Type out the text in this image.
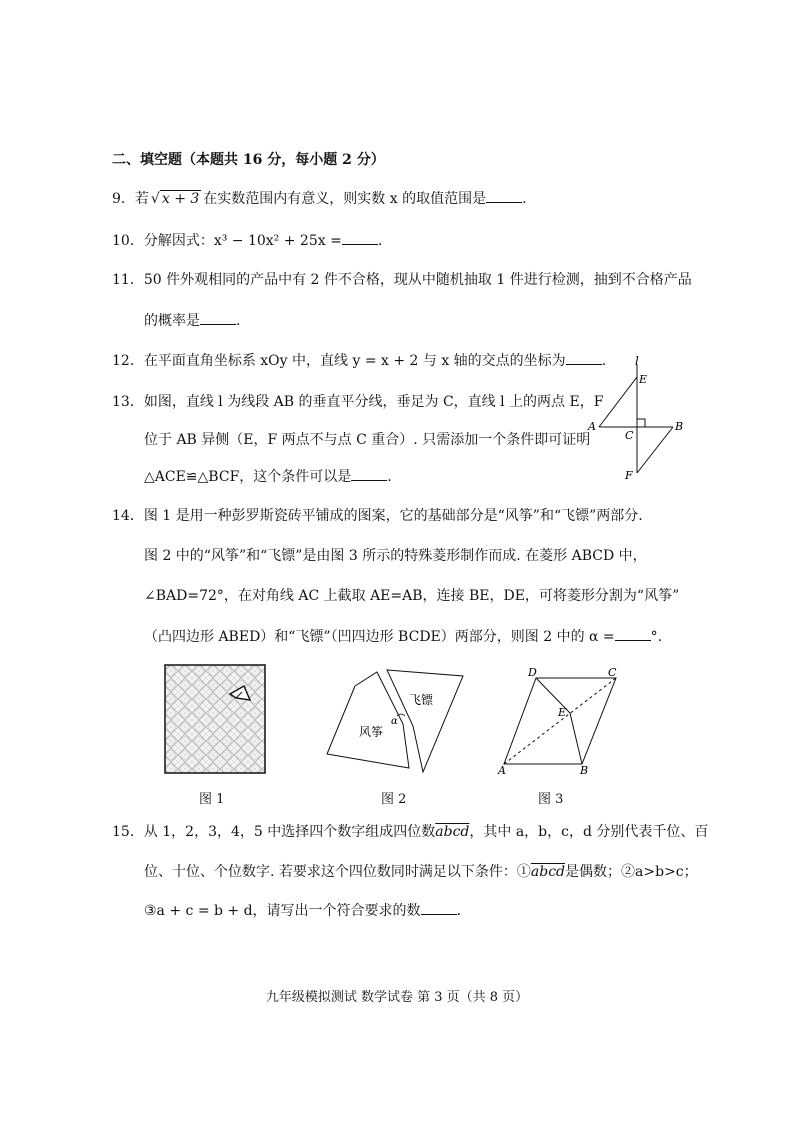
二、填空题（本题共 16 分，每小题 2 分）
9．若 √ x + 3 在实数范围内有意义，则实数 x 的取值范围是	.
10．分解因式：x³ − 10x² + 25x =	.
11．50 件外观相同的产品中有 2 件不合格，现从中随机抽取 1 件进行检测，抽到不合格产品
的概率是	.
12．在平面直角坐标系 xOy 中，直线 y = x + 2 与 x 轴的交点的坐标为	.
13．如图，直线 l 为线段 AB 的垂直平分线，垂足为 C，直线 l 上的两点 E，F
位于 AB 异侧（E，F 两点不与点 C 重合）. 只需添加一个条件即可证明
△ACE≌△BCF，这个条件可以是	.
l
E
A
C
B
F
14．图 1 是用一种彭罗斯瓷砖平铺成的图案，它的基础部分是“风筝”和“飞镖”两部分.
图 2 中的“风筝”和“飞镖”是由图 3 所示的特殊菱形制作而成. 在菱形 ABCD 中，
∠BAD=72°，在对角线 AC 上截取 AE=AB，连接 BE，DE，可将菱形分割为“风筝”
（凸四边形 ABED）和“飞镖”（凹四边形 BCDE）两部分，则图 2 中的 α =	°.
图 1
飞镖
风筝
α
图 2
D	C
E
A	B
图 3
15．从 1，2，3，4，5 中选择四个数字组成四位数abcd，其中 a，b，c，d 分别代表千位、百
位、十位、个位数字. 若要求这个四位数同时满足以下条件：①abcd是偶数；②a>b>c；
③a + c = b + d，请写出一个符合要求的数	.
九年级模拟测试 数学试卷 第 3 页（共 8 页）
